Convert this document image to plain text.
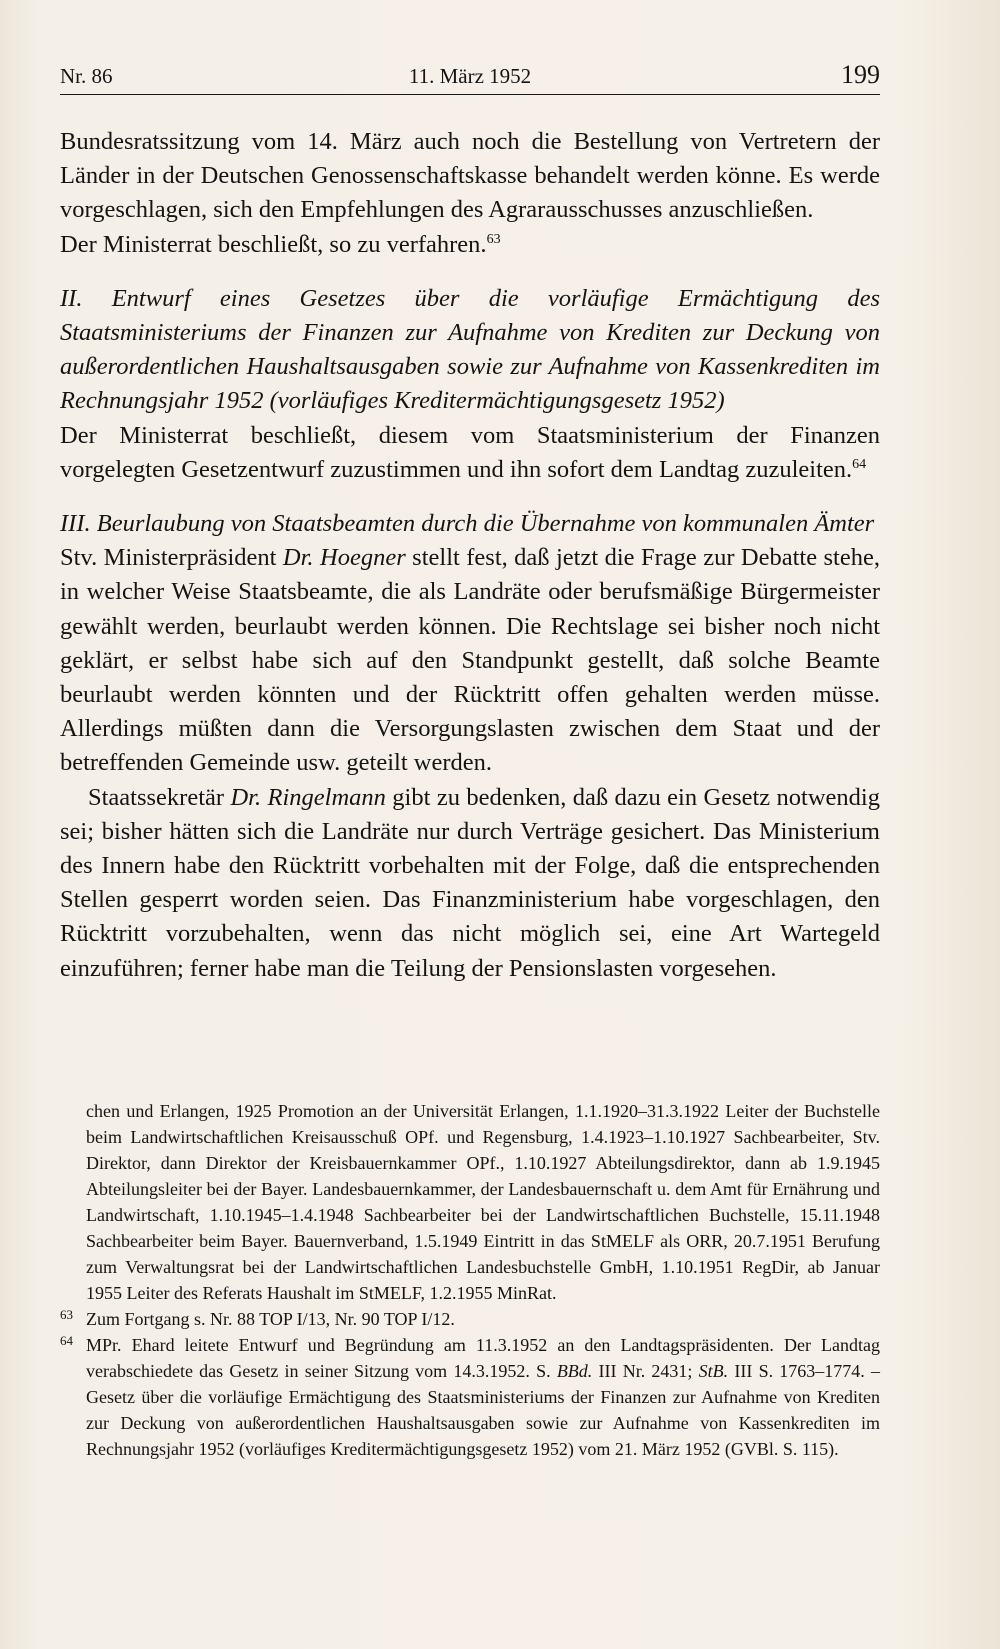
Nr. 86	11. März 1952	199

Bundesratssitzung vom 14. März auch noch die Bestellung von Vertretern der Länder in der Deutschen Genossenschaftskasse behandelt werden könne. Es werde vorgeschlagen, sich den Empfehlungen des Agrarausschusses anzuschließen.

Der Ministerrat beschließt, so zu verfahren.$^{63}$

II. Entwurf eines Gesetzes über die vorläufige Ermächtigung des Staatsministeriums der Finanzen zur Aufnahme von Krediten zur Deckung von außerordentlichen Haushaltsausgaben sowie zur Aufnahme von Kassenkrediten im Rechnungsjahr 1952 (vorläufiges Kreditermächtigungsgesetz 1952)

Der Ministerrat beschließt, diesem vom Staatsministerium der Finanzen vorgelegten Gesetzentwurf zuzustimmen und ihn sofort dem Landtag zuzuleiten.$^{64}$

III. Beurlaubung von Staatsbeamten durch die Übernahme von kommunalen Ämter

Stv. Ministerpräsident Dr. Hoegner stellt fest, daß jetzt die Frage zur Debatte stehe, in welcher Weise Staatsbeamte, die als Landräte oder berufsmäßige Bürgermeister gewählt werden, beurlaubt werden können. Die Rechtslage sei bisher noch nicht geklärt, er selbst habe sich auf den Standpunkt gestellt, daß solche Beamte beurlaubt werden könnten und der Rücktritt offen gehalten werden müsse. Allerdings müßten dann die Versorgungslasten zwischen dem Staat und der betreffenden Gemeinde usw. geteilt werden.

Staatssekretär Dr. Ringelmann gibt zu bedenken, daß dazu ein Gesetz notwendig sei; bisher hätten sich die Landräte nur durch Verträge gesichert. Das Ministerium des Innern habe den Rücktritt vorbehalten mit der Folge, daß die entsprechenden Stellen gesperrt worden seien. Das Finanzministerium habe vorgeschlagen, den Rücktritt vorzubehalten, wenn das nicht möglich sei, eine Art Wartegeld einzuführen; ferner habe man die Teilung der Pensionslasten vorgesehen.

chen und Erlangen, 1925 Promotion an der Universität Erlangen, 1.1.1920–31.3.1922 Leiter der Buchstelle beim Landwirtschaftlichen Kreisausschuß OPf. und Regensburg, 1.4.1923–1.10.1927 Sachbearbeiter, Stv. Direktor, dann Direktor der Kreisbauernkammer OPf., 1.10.1927 Abteilungsdirektor, dann ab 1.9.1945 Abteilungsleiter bei der Bayer. Landesbauernkammer, der Landesbauernschaft u. dem Amt für Ernährung und Landwirtschaft, 1.10.1945–1.4.1948 Sachbearbeiter bei der Landwirtschaftlichen Buchstelle, 15.11.1948 Sachbearbeiter beim Bayer. Bauernverband, 1.5.1949 Eintritt in das StMELF als ORR, 20.7.1951 Berufung zum Verwaltungsrat bei der Landwirtschaftlichen Landesbuchstelle GmbH, 1.10.1951 RegDir, ab Januar 1955 Leiter des Referats Haushalt im StMELF, 1.2.1955 MinRat.

63 Zum Fortgang s. Nr. 88 TOP I/13, Nr. 90 TOP I/12.

64 MPr. Ehard leitete Entwurf und Begründung am 11.3.1952 an den Landtagspräsidenten. Der Landtag verabschiedete das Gesetz in seiner Sitzung vom 14.3.1952. S. BBd. III Nr. 2431; StB. III S. 1763–1774. – Gesetz über die vorläufige Ermächtigung des Staatsministeriums der Finanzen zur Aufnahme von Krediten zur Deckung von außerordentlichen Haushaltsausgaben sowie zur Aufnahme von Kassenkrediten im Rechnungsjahr 1952 (vorläufiges Kreditermächtigungsgesetz 1952) vom 21. März 1952 (GVBl. S. 115).
